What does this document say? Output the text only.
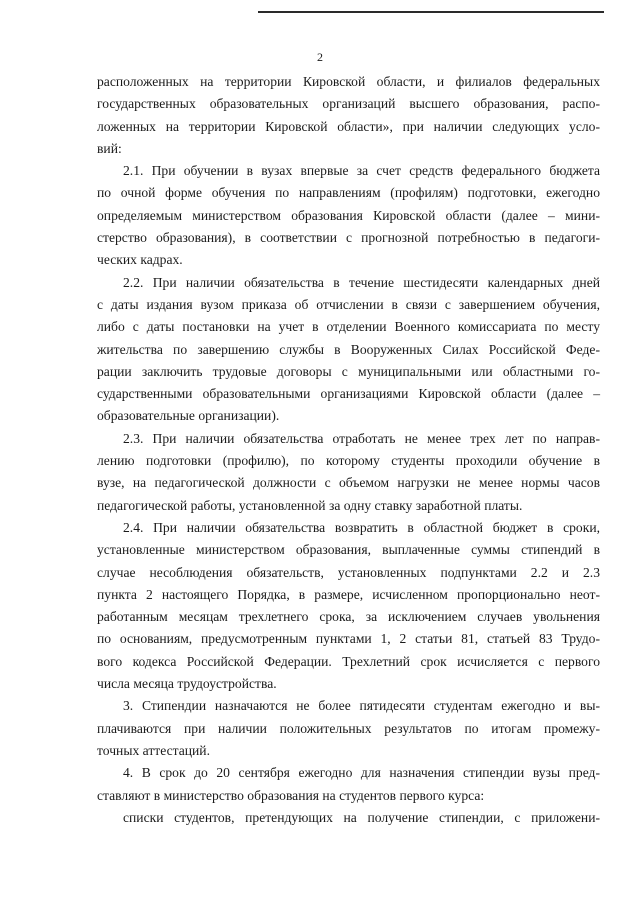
2

расположенных на территории Кировской области, и филиалов федеральных

государственных образовательных организаций высшего образования, распо-

ложенных на территории Кировской области», при наличии следующих усло-

вий:

2.1. При обучении в вузах впервые за счет средств федерального бюджета

по очной форме обучения по направлениям (профилям) подготовки, ежегодно

определяемым министерством образования Кировской области (далее – мини-

стерство образования), в соответствии с прогнозной потребностью в педагоги-

ческих кадрах.

2.2. При наличии обязательства в течение шестидесяти календарных дней

с даты издания вузом приказа об отчислении в связи с завершением обучения,

либо с даты постановки на учет в отделении Военного комиссариата по месту

жительства по завершению службы в Вооруженных Силах Российской Феде-

рации заключить трудовые договоры с муниципальными или областными го-

сударственными образовательными организациями Кировской области (далее –

образовательные организации).

2.3. При наличии обязательства отработать не менее трех лет по направ-

лению подготовки (профилю), по которому студенты проходили обучение в

вузе, на педагогической должности с объемом нагрузки не менее нормы часов

педагогической работы, установленной за одну ставку заработной платы.

2.4. При наличии обязательства возвратить в областной бюджет в сроки,

установленные министерством образования, выплаченные суммы стипендий в

случае несоблюдения обязательств, установленных подпунктами 2.2 и 2.3

пункта 2 настоящего Порядка, в размере, исчисленном пропорционально неот-

работанным месяцам трехлетнего срока, за исключением случаев увольнения

по основаниям, предусмотренным пунктами 1, 2 статьи 81, статьей 83 Трудо-

вого кодекса Российской Федерации. Трехлетний срок исчисляется с первого

числа месяца трудоустройства.

3. Стипендии назначаются не более пятидесяти студентам ежегодно и вы-

плачиваются при наличии положительных результатов по итогам промежу-

точных аттестаций.

4. В срок до 20 сентября ежегодно для назначения стипендии вузы пред-

ставляют в министерство образования на студентов первого курса:

списки студентов, претендующих на получение стипендии, с приложени-
